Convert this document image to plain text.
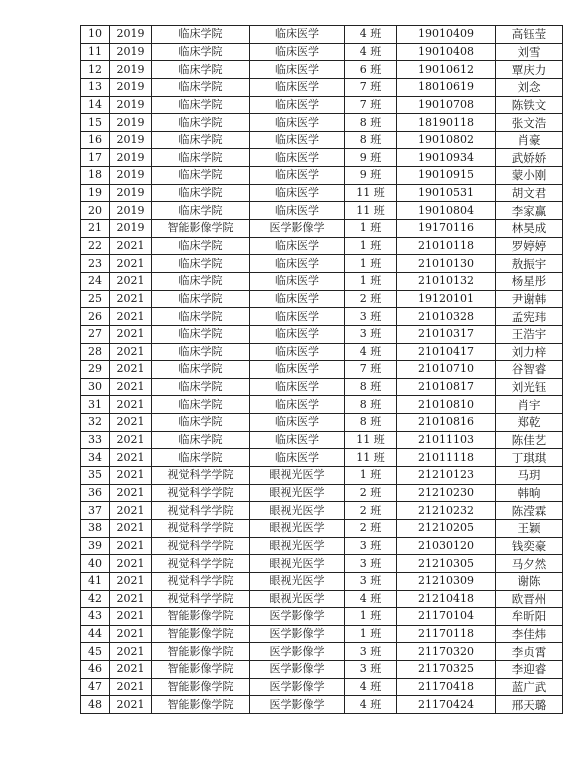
10	2019	临床学院	临床医学	4 班	19010409	高钰莹
11	2019	临床学院	临床医学	4 班	19010408	刘雪
12	2019	临床学院	临床医学	6 班	19010612	覃庆力
13	2019	临床学院	临床医学	7 班	18010619	刘念
14	2019	临床学院	临床医学	7 班	19010708	陈铁文
15	2019	临床学院	临床医学	8 班	18190118	张文浩
16	2019	临床学院	临床医学	8 班	19010802	肖豪
17	2019	临床学院	临床医学	9 班	19010934	武娇娇
18	2019	临床学院	临床医学	9 班	19010915	蒙小刚
19	2019	临床学院	临床医学	11 班	19010531	胡文君
20	2019	临床学院	临床医学	11 班	19010804	李家赢
21	2019	智能影像学院	医学影像学	1 班	19170116	林昊成
22	2021	临床学院	临床医学	1 班	21010118	罗婷婷
23	2021	临床学院	临床医学	1 班	21010130	敖振宇
24	2021	临床学院	临床医学	1 班	21010132	杨星彤
25	2021	临床学院	临床医学	2 班	19120101	尹谢韩
26	2021	临床学院	临床医学	3 班	21010328	孟宪玮
27	2021	临床学院	临床医学	3 班	21010317	王浩宇
28	2021	临床学院	临床医学	4 班	21010417	刘力梓
29	2021	临床学院	临床医学	7 班	21010710	谷智睿
30	2021	临床学院	临床医学	8 班	21010817	刘光钰
31	2021	临床学院	临床医学	8 班	21010810	肖宇
32	2021	临床学院	临床医学	8 班	21010816	郑乾
33	2021	临床学院	临床医学	11 班	21011103	陈佳艺
34	2021	临床学院	临床医学	11 班	21011118	丁琪琪
35	2021	视觉科学学院	眼视光医学	1 班	21210123	马玥
36	2021	视觉科学学院	眼视光医学	2 班	21210230	韩晌
37	2021	视觉科学学院	眼视光医学	2 班	21210232	陈滢霖
38	2021	视觉科学学院	眼视光医学	2 班	21210205	王颖
39	2021	视觉科学学院	眼视光医学	3 班	21030120	钱奕豪
40	2021	视觉科学学院	眼视光医学	3 班	21210305	马夕然
41	2021	视觉科学学院	眼视光医学	3 班	21210309	谢陈
42	2021	视觉科学学院	眼视光医学	4 班	21210418	欧晋州
43	2021	智能影像学院	医学影像学	1 班	21170104	牟昕阳
44	2021	智能影像学院	医学影像学	1 班	21170118	李佳炜
45	2021	智能影像学院	医学影像学	3 班	21170320	李贞霄
46	2021	智能影像学院	医学影像学	3 班	21170325	李迎睿
47	2021	智能影像学院	医学影像学	4 班	21170418	蓝广武
48	2021	智能影像学院	医学影像学	4 班	21170424	邢天璐
